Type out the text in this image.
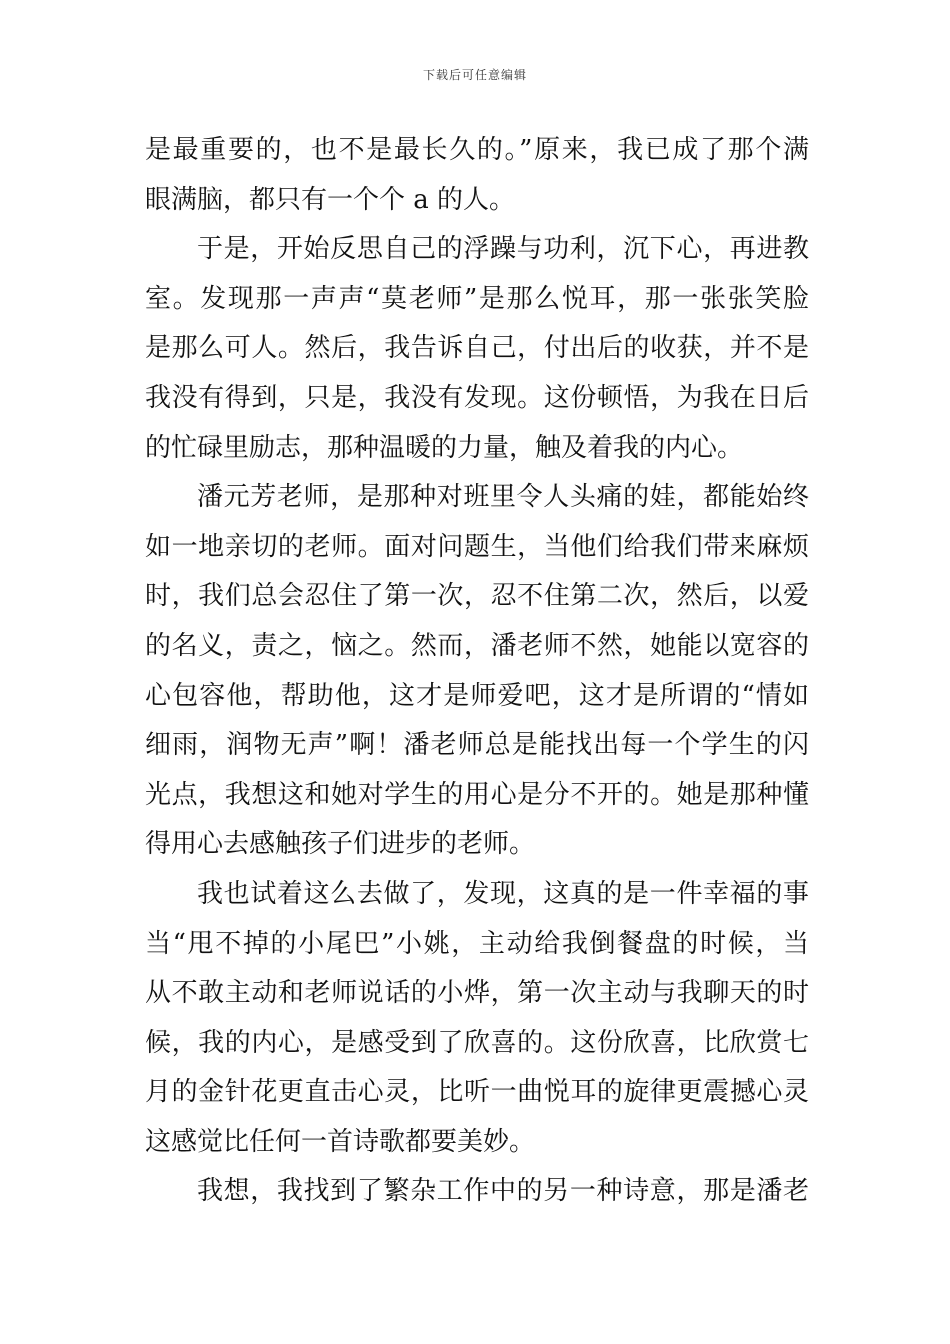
下载后可任意编辑
是最重要的，也不是最长久的。”原来，我已成了那个满
眼满脑，都只有一个个 a 的人。
于是，开始反思自己的浮躁与功利，沉下心，再进教
室。发现那一声声“莫老师”是那么悦耳，那一张张笑脸
是那么可人。然后，我告诉自己，付出后的收获，并不是
我没有得到，只是，我没有发现。这份顿悟，为我在日后
的忙碌里励志，那种温暖的力量，触及着我的内心。
潘元芳老师，是那种对班里令人头痛的娃，都能始终
如一地亲切的老师。面对问题生，当他们给我们带来麻烦
时，我们总会忍住了第一次，忍不住第二次，然后，以爱
的名义，责之，恼之。然而，潘老师不然，她能以宽容的
心包容他，帮助他，这才是师爱吧，这才是所谓的“情如
细雨，润物无声”啊！潘老师总是能找出每一个学生的闪
光点，我想这和她对学生的用心是分不开的。她是那种懂
得用心去感触孩子们进步的老师。
我也试着这么去做了，发现，这真的是一件幸福的事
当“甩不掉的小尾巴”小姚，主动给我倒餐盘的时候，当
从不敢主动和老师说话的小烨，第一次主动与我聊天的时
候，我的内心，是感受到了欣喜的。这份欣喜，比欣赏七
月的金针花更直击心灵，比听一曲悦耳的旋律更震撼心灵
这感觉比任何一首诗歌都要美妙。
我想，我找到了繁杂工作中的另一种诗意，那是潘老
